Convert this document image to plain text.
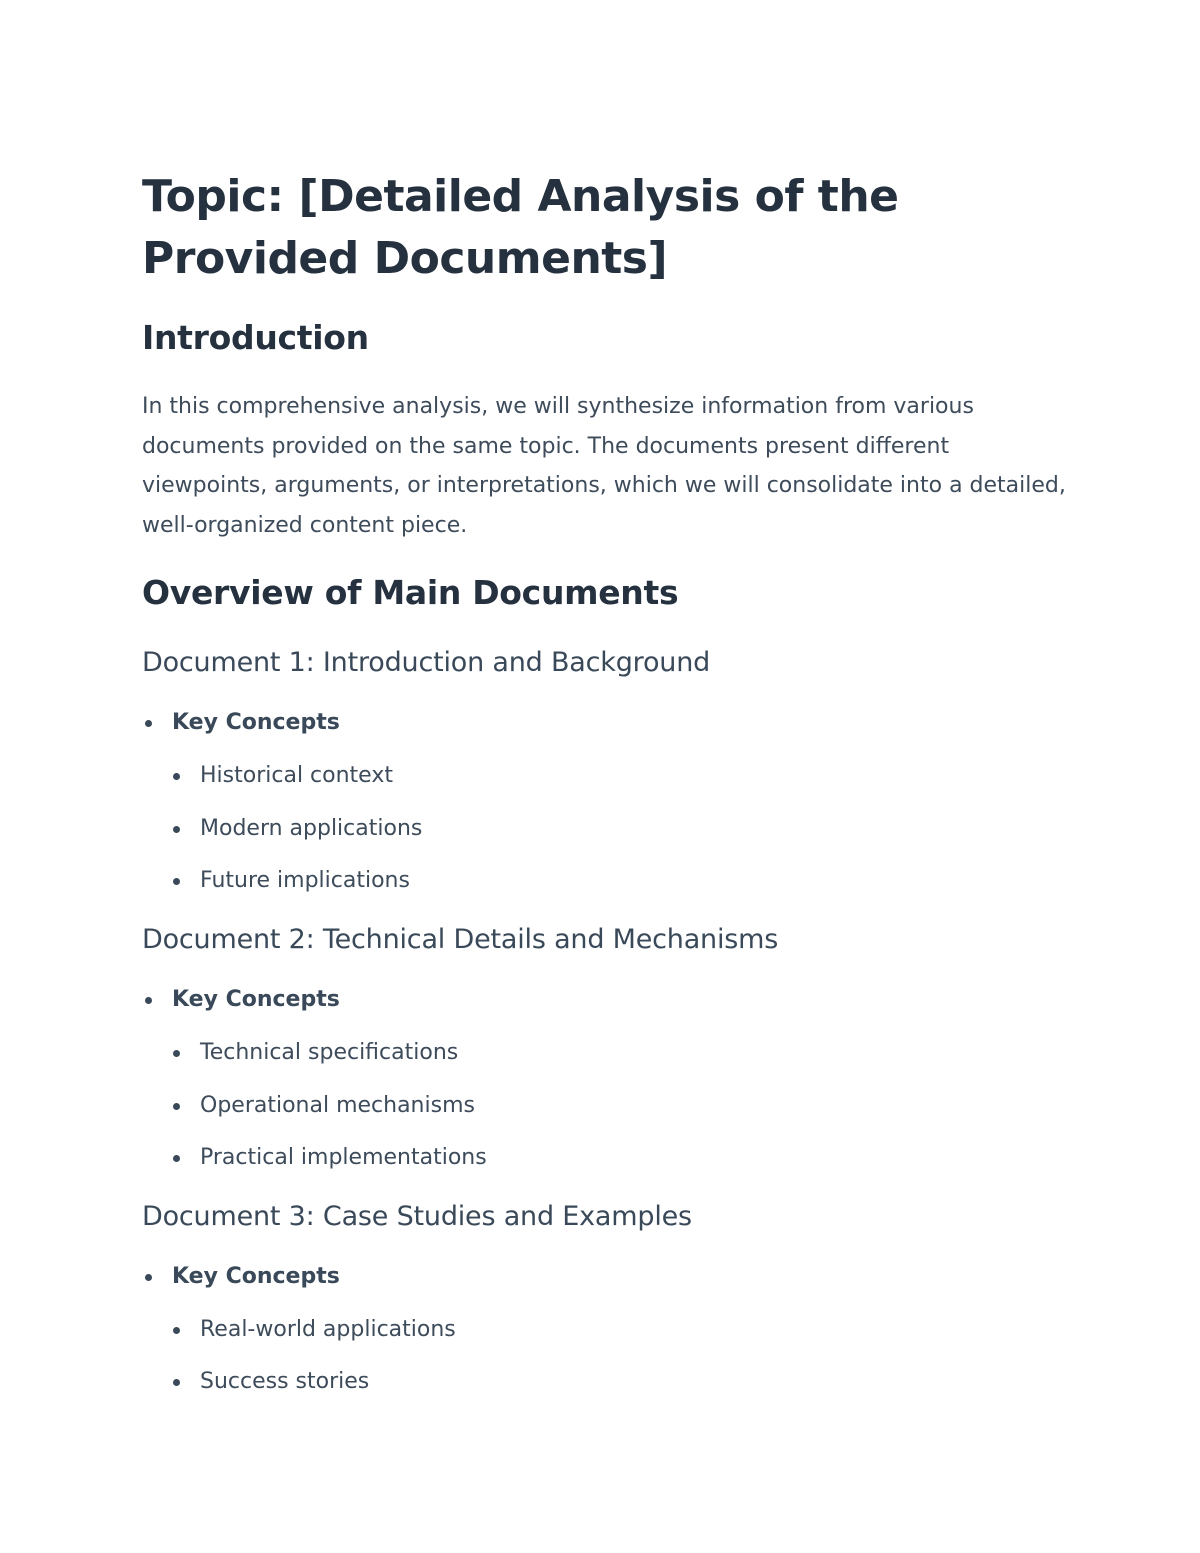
Topic: [Detailed Analysis of the Provided Documents]
Introduction

In this comprehensive analysis, we will synthesize information from various documents provided on the same topic. The documents present different viewpoints, arguments, or interpretations, which we will consolidate into a detailed, well-organized content piece.

Overview of Main Documents
Document 1: Introduction and Background

Key Concepts

Historical context

Modern applications

Future implications

Document 2: Technical Details and Mechanisms

Key Concepts

Technical specifications

Operational mechanisms

Practical implementations

Document 3: Case Studies and Examples

Key Concepts

Real-world applications

Success stories
